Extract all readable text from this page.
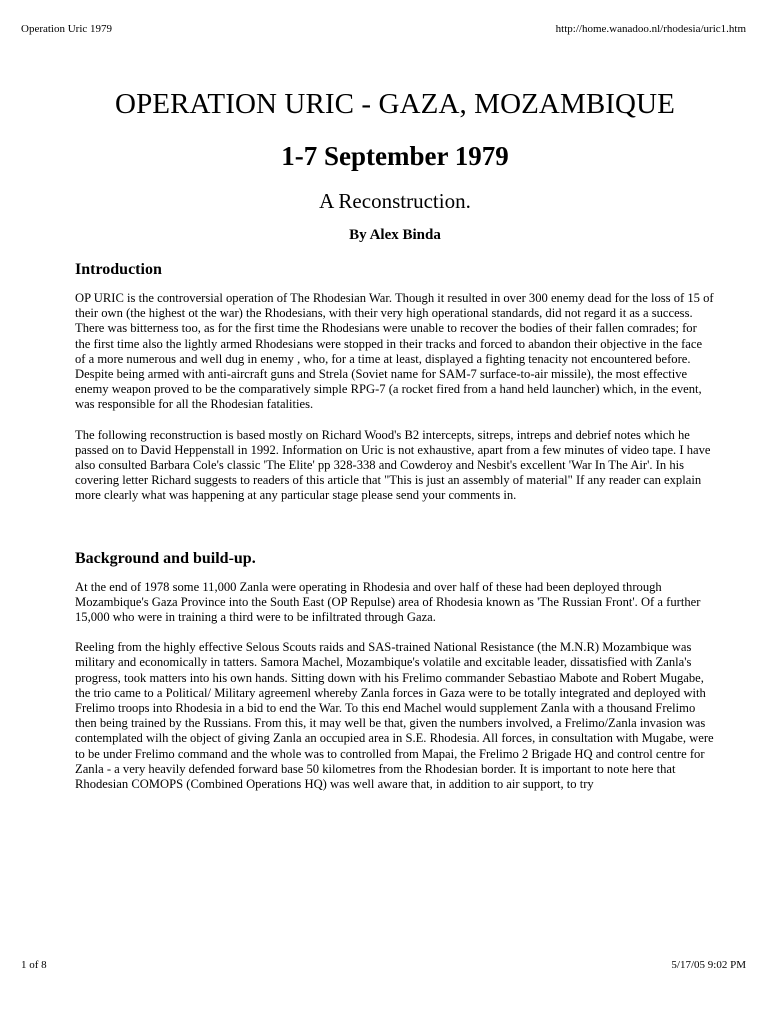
Operation Uric 1979	http://home.wanadoo.nl/rhodesia/uric1.htm
OPERATION URIC - GAZA, MOZAMBIQUE
1-7 September 1979
A Reconstruction.
By Alex Binda
Introduction

OP URIC is the controversial operation of The Rhodesian War. Though it resulted in over 300 enemy dead for the loss of 15 of their own (the highest ot the war) the Rhodesians, with their very high operational standards, did not regard it as a success. There was bitterness too, as for the first time the Rhodesians were unable to recover the bodies of their fallen comrades; for the first time also the lightly armed Rhodesians were stopped in their tracks and forced to abandon their objective in the face of a more numerous and well dug in enemy , who, for a time at least, displayed a fighting tenacity not encountered before. Despite being armed with anti-aircraft guns and Strela (Soviet name for SAM-7 surface-to-air missile), the most effective enemy weapon proved to be the comparatively simple RPG-7 (a rocket fired from a hand held launcher) which, in the event, was responsible for all the Rhodesian fatalities.

The following reconstruction is based mostly on Richard Wood's B2 intercepts, sitreps, intreps and debrief notes which he passed on to David Heppenstall in 1992. Information on Uric is not exhaustive, apart from a few minutes of video tape. I have also consulted Barbara Cole's classic 'The Elite' pp 328-338 and Cowderoy and Nesbit's excellent 'War In The Air'. In his covering letter Richard suggests to readers of this article that "This is just an assembly of material" If any reader can explain more clearly what was happening at any particular stage please send your comments in.

Background and build-up.

At the end of 1978 some 11,000 Zanla were operating in Rhodesia and over half of these had been deployed through Mozambique's Gaza Province into the South East (OP Repulse) area of Rhodesia known as 'The Russian Front'. Of a further 15,000 who were in training a third were to be infiltrated through Gaza.

Reeling from the highly effective Selous Scouts raids and SAS-trained National Resistance (the M.N.R) Mozambique was military and economically in tatters. Samora Machel, Mozambique's volatile and excitable leader, dissatisfied with Zanla's progress, took matters into his own hands. Sitting down with his Frelimo commander Sebastiao Mabote and Robert Mugabe, the trio came to a Political/ Military agreemenl whereby Zanla forces in Gaza were to be totally integrated and deployed with Frelimo troops into Rhodesia in a bid to end the War. To this end Machel would supplement Zanla with a thousand Frelimo then being trained by the Russians. From this, it may well be that, given the numbers involved, a Frelimo/Zanla invasion was contemplated wilh the object of giving Zanla an occupied area in S.E. Rhodesia. All forces, in consultation with Mugabe, were to be under Frelimo command and the whole was to controlled from Mapai, the Frelimo 2 Brigade HQ and control centre for Zanla - a very heavily defended forward base 50 kilometres from the Rhodesian border. It is important to note here that Rhodesian COMOPS (Combined Operations HQ) was well aware that, in addition to air support, to try

1 of 8	5/17/05 9:02 PM
